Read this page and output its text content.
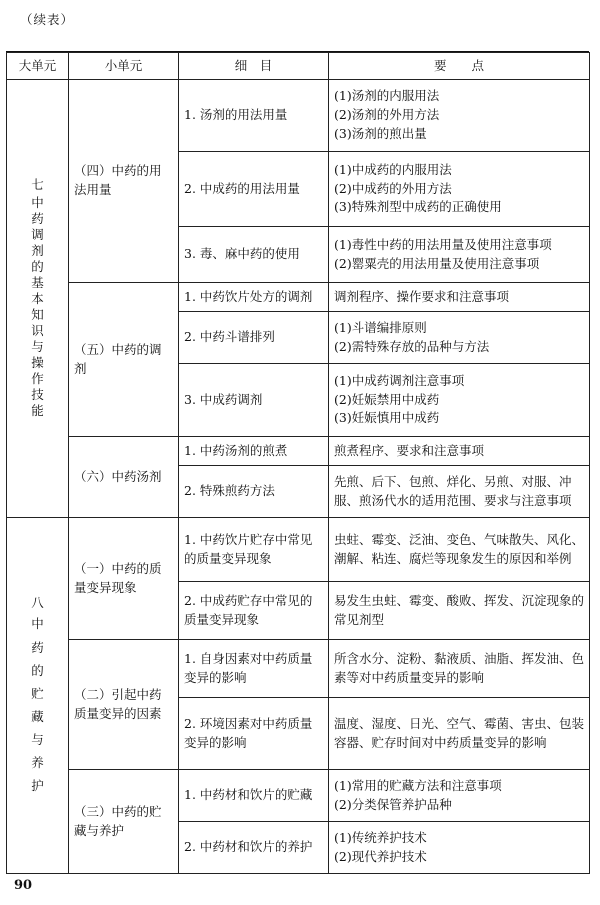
（续表）
大单元	小单元	细　目	要　　点

七
中药调剂的基本知识与操作技能	（四）中药的用法用量	1. 汤剂的用法用量	(1)汤剂的内服用法
(2)汤剂的外用方法
(3)汤剂的煎出量

		2. 中成药的用法用量	(1)中成药的内服用法
(2)中成药的外用方法
(3)特殊剂型中成药的正确使用

		3. 毒、麻中药的使用	(1)毒性中药的用法用量及使用注意事项
(2)罂粟壳的用法用量及使用注意事项

	（五）中药的调剂	1. 中药饮片处方的调剂	调剂程序、操作要求和注意事项

		2. 中药斗谱排列	(1)斗谱编排原则
(2)需特殊存放的品种与方法

		3. 中成药调剂	(1)中成药调剂注意事项
(2)妊娠禁用中成药
(3)妊娠慎用中成药

	（六）中药汤剂	1. 中药汤剂的煎煮	煎煮程序、要求和注意事项

		2. 特殊煎药方法	先煎、后下、包煎、烊化、另煎、对服、冲服、煎汤代水的适用范围、要求与注意事项

八
中药的贮藏与养护	（一）中药的质量变异现象	1. 中药饮片贮存中常见的质量变异现象	虫蛀、霉变、泛油、变色、气味散失、风化、潮解、粘连、腐烂等现象发生的原因和举例
		2. 中成药贮存中常见的质量变异现象	易发生虫蛀、霉变、酸败、挥发、沉淀现象的常见剂型
	（二）引起中药质量变异的因素	1. 自身因素对中药质量变异的影响	所含水分、淀粉、黏液质、油脂、挥发油、色素等对中药质量变异的影响
		2. 环境因素对中药质量变异的影响	温度、湿度、日光、空气、霉菌、害虫、包装容器、贮存时间对中药质量变异的影响
	（三）中药的贮藏与养护	1. 中药材和饮片的贮藏	(1)常用的贮藏方法和注意事项
(2)分类保管养护品种

		2. 中药材和饮片的养护	(1)传统养护技术
(2)现代养护技术
90
